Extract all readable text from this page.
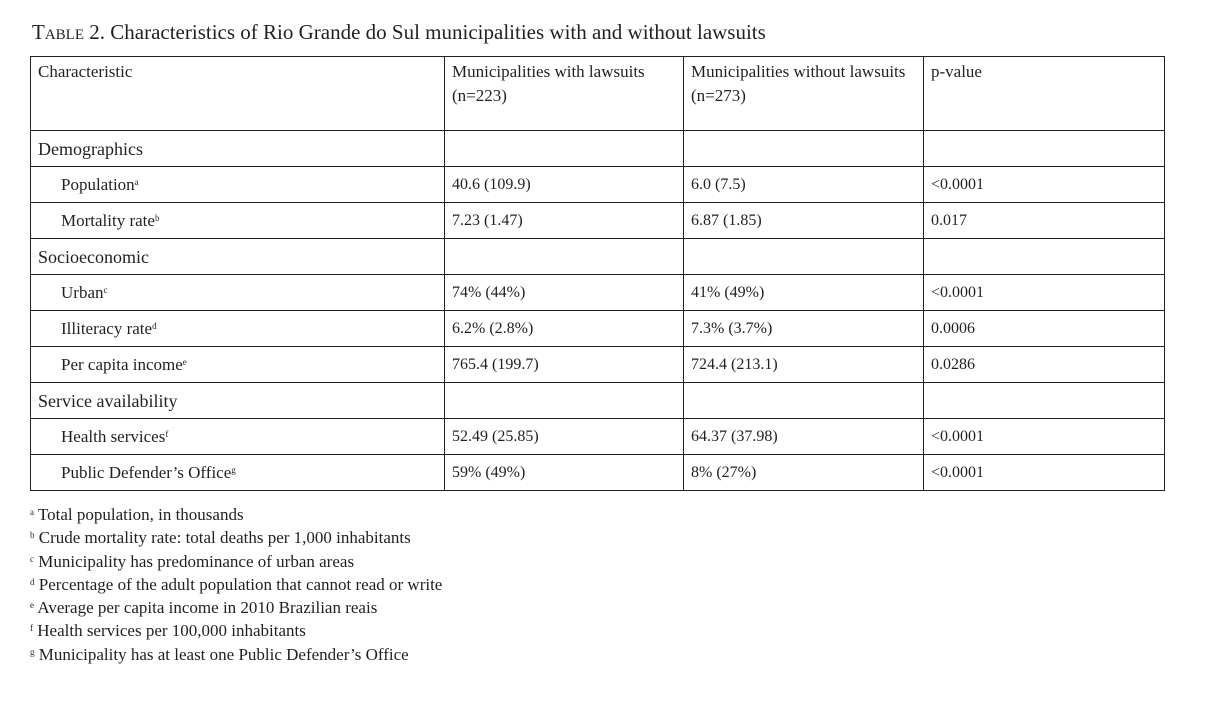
Table 2. Characteristics of Rio Grande do Sul municipalities with and without lawsuits
Characteristic	Municipalities with lawsuits (n=223)	Municipalities without lawsuits (n=273)	p-value
Demographics			
Population$^a$	40.6 (109.9)	6.0 (7.5)	<0.0001
Mortality rate$^b$	7.23 (1.47)	6.87 (1.85)	0.017
Socioeconomic			
Urban$^c$	74% (44%)	41% (49%)	<0.0001
Illiteracy rate$^d$	6.2% (2.8%)	7.3% (3.7%)	0.0006
Per capita income$^e$	765.4 (199.7)	724.4 (213.1)	0.0286
Service availability			
Health services$^f$	52.49 (25.85)	64.37 (37.98)	<0.0001
Public Defender’s Office$^g$	59% (49%)	8% (27%)	<0.0001
$^a$ Total population, in thousands
$^b$ Crude mortality rate: total deaths per 1,000 inhabitants
$^c$ Municipality has predominance of urban areas
$^d$ Percentage of the adult population that cannot read or write
$^e$ Average per capita income in 2010 Brazilian reais
$^f$ Health services per 100,000 inhabitants
$^g$ Municipality has at least one Public Defender’s Office
